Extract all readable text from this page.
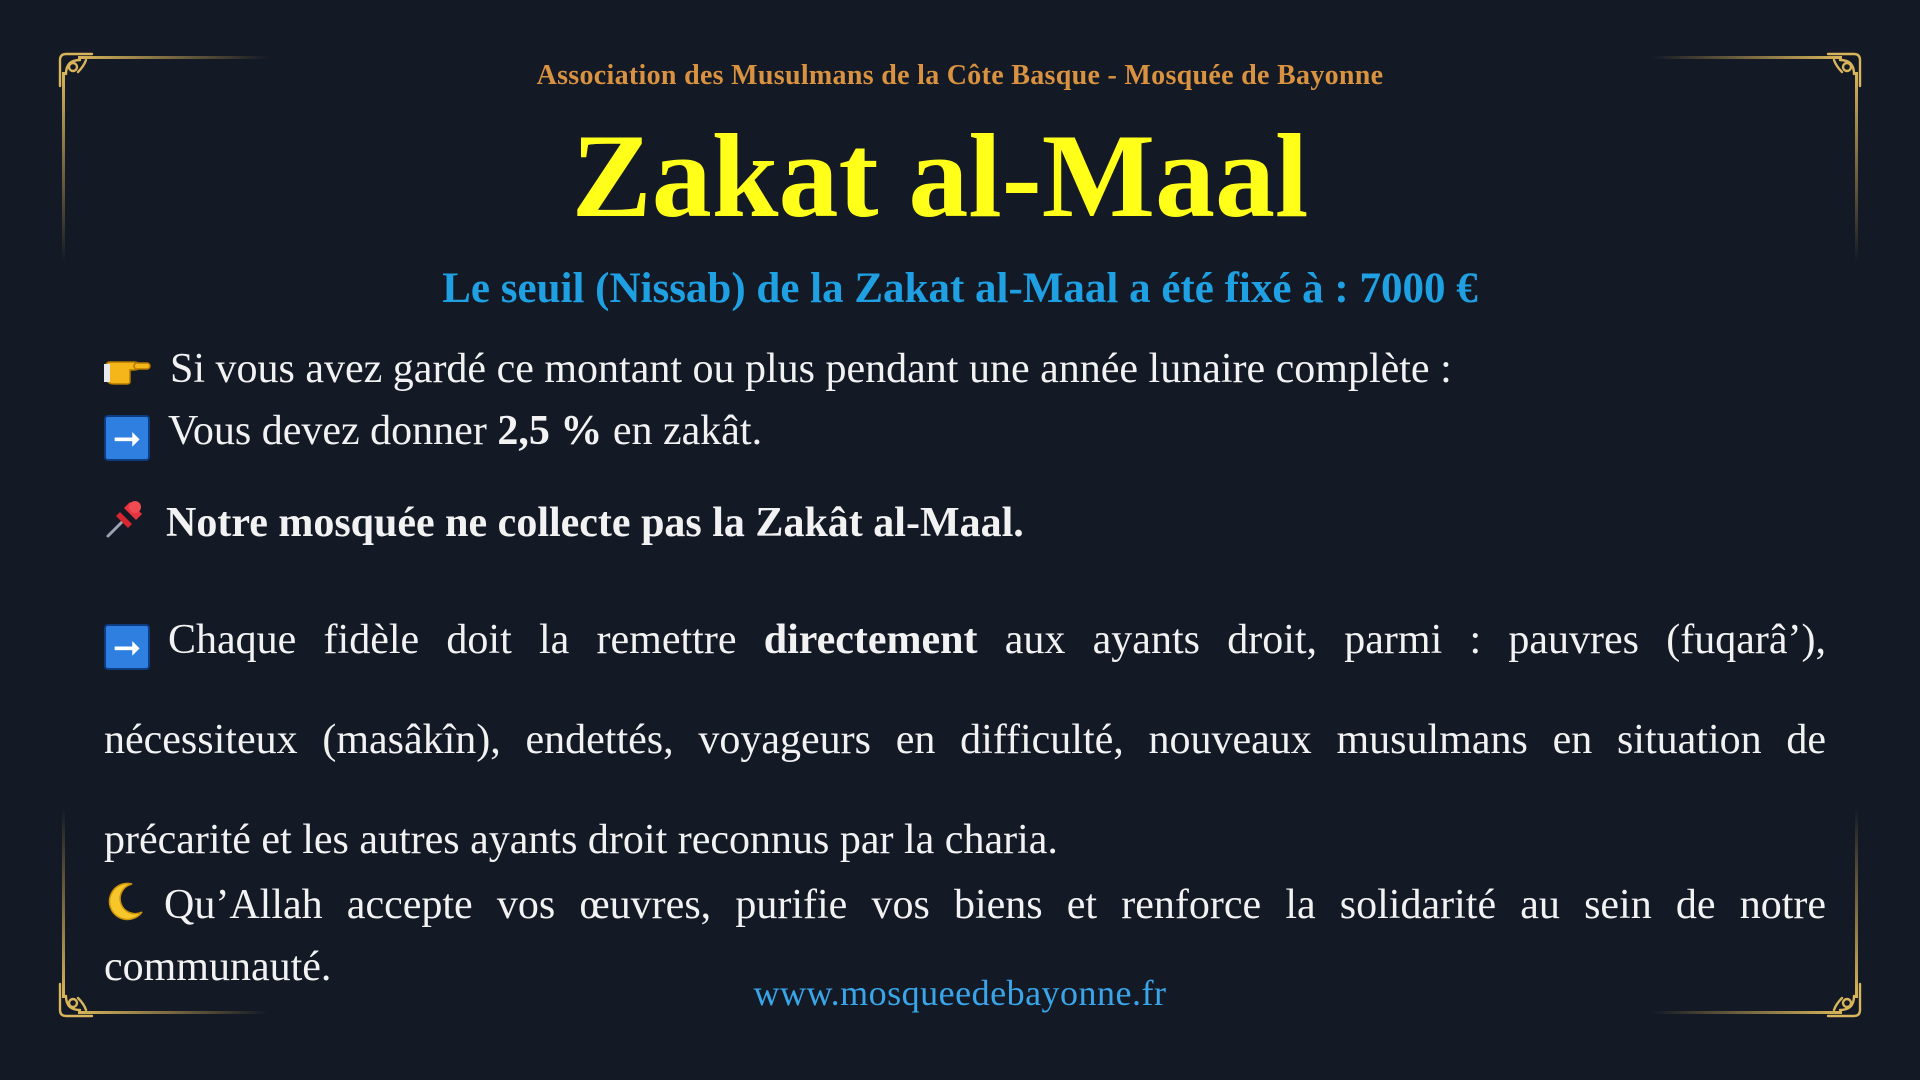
Association des Musulmans de la Côte Basque - Mosquée de Bayonne
Zakat al-Maal
Le seuil (Nissab) de la Zakat al-Maal a été fixé à : 7000 €
Si vous avez gardé ce montant ou plus pendant une année lunaire complète :
➞ Vous devez donner 2,5 % en zakât.
Notre mosquée ne collecte pas la Zakât al-Maal.
➞ Chaque fidèle doit la remettre directement aux ayants droit, parmi : pauvres (fuqarâ’), nécessiteux (masâkîn), endettés, voyageurs en difficulté, nouveaux musulmans en situation de précarité et les autres ayants droit reconnus par la charia.
Qu’Allah accepte vos œuvres, purifie vos biens et renforce la solidarité au sein de notre communauté.
www.mosqueedebayonne.fr
